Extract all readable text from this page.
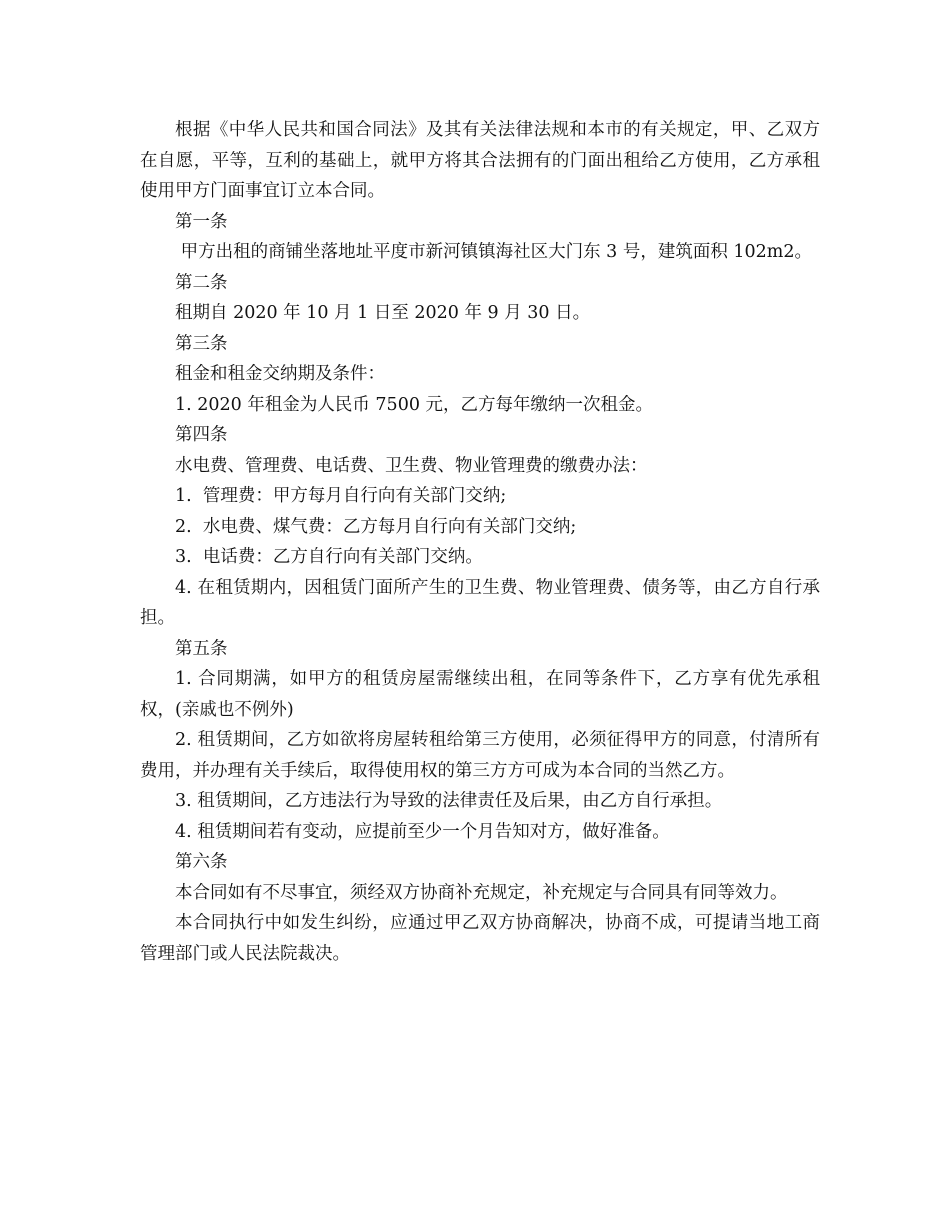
根据《中华人民共和国合同法》及其有关法律法规和本市的有关规定，甲、乙双方在自愿，平等，互利的基础上，就甲方将其合法拥有的门面出租给乙方使用，乙方承租使用甲方门面事宜订立本合同。

第一条

甲方出租的商铺坐落地址平度市新河镇镇海社区大门东 3 号，建筑面积 102m2。

第二条

租期自 2020 年 10 月 1 日至 2020 年 9 月 30 日。

第三条

租金和租金交纳期及条件：

1. 2020 年租金为人民币 7500 元，乙方每年缴纳一次租金。

第四条

水电费、管理费、电话费、卫生费、物业管理费的缴费办法：

1.  管理费：甲方每月自行向有关部门交纳;

2.  水电费、煤气费：乙方每月自行向有关部门交纳;

3.  电话费：乙方自行向有关部门交纳。

4. 在租赁期内，因租赁门面所产生的卫生费、物业管理费、债务等，由乙方自行承担。

第五条

1. 合同期满，如甲方的租赁房屋需继续出租，在同等条件下，乙方享有优先承租权，(亲戚也不例外)

2. 租赁期间，乙方如欲将房屋转租给第三方使用，必须征得甲方的同意，付清所有费用，并办理有关手续后，取得使用权的第三方方可成为本合同的当然乙方。

3. 租赁期间，乙方违法行为导致的法律责任及后果，由乙方自行承担。

4. 租赁期间若有变动，应提前至少一个月告知对方，做好准备。

第六条

本合同如有不尽事宜，须经双方协商补充规定，补充规定与合同具有同等效力。

本合同执行中如发生纠纷，应通过甲乙双方协商解决，协商不成，可提请当地工商管理部门或人民法院裁决。
